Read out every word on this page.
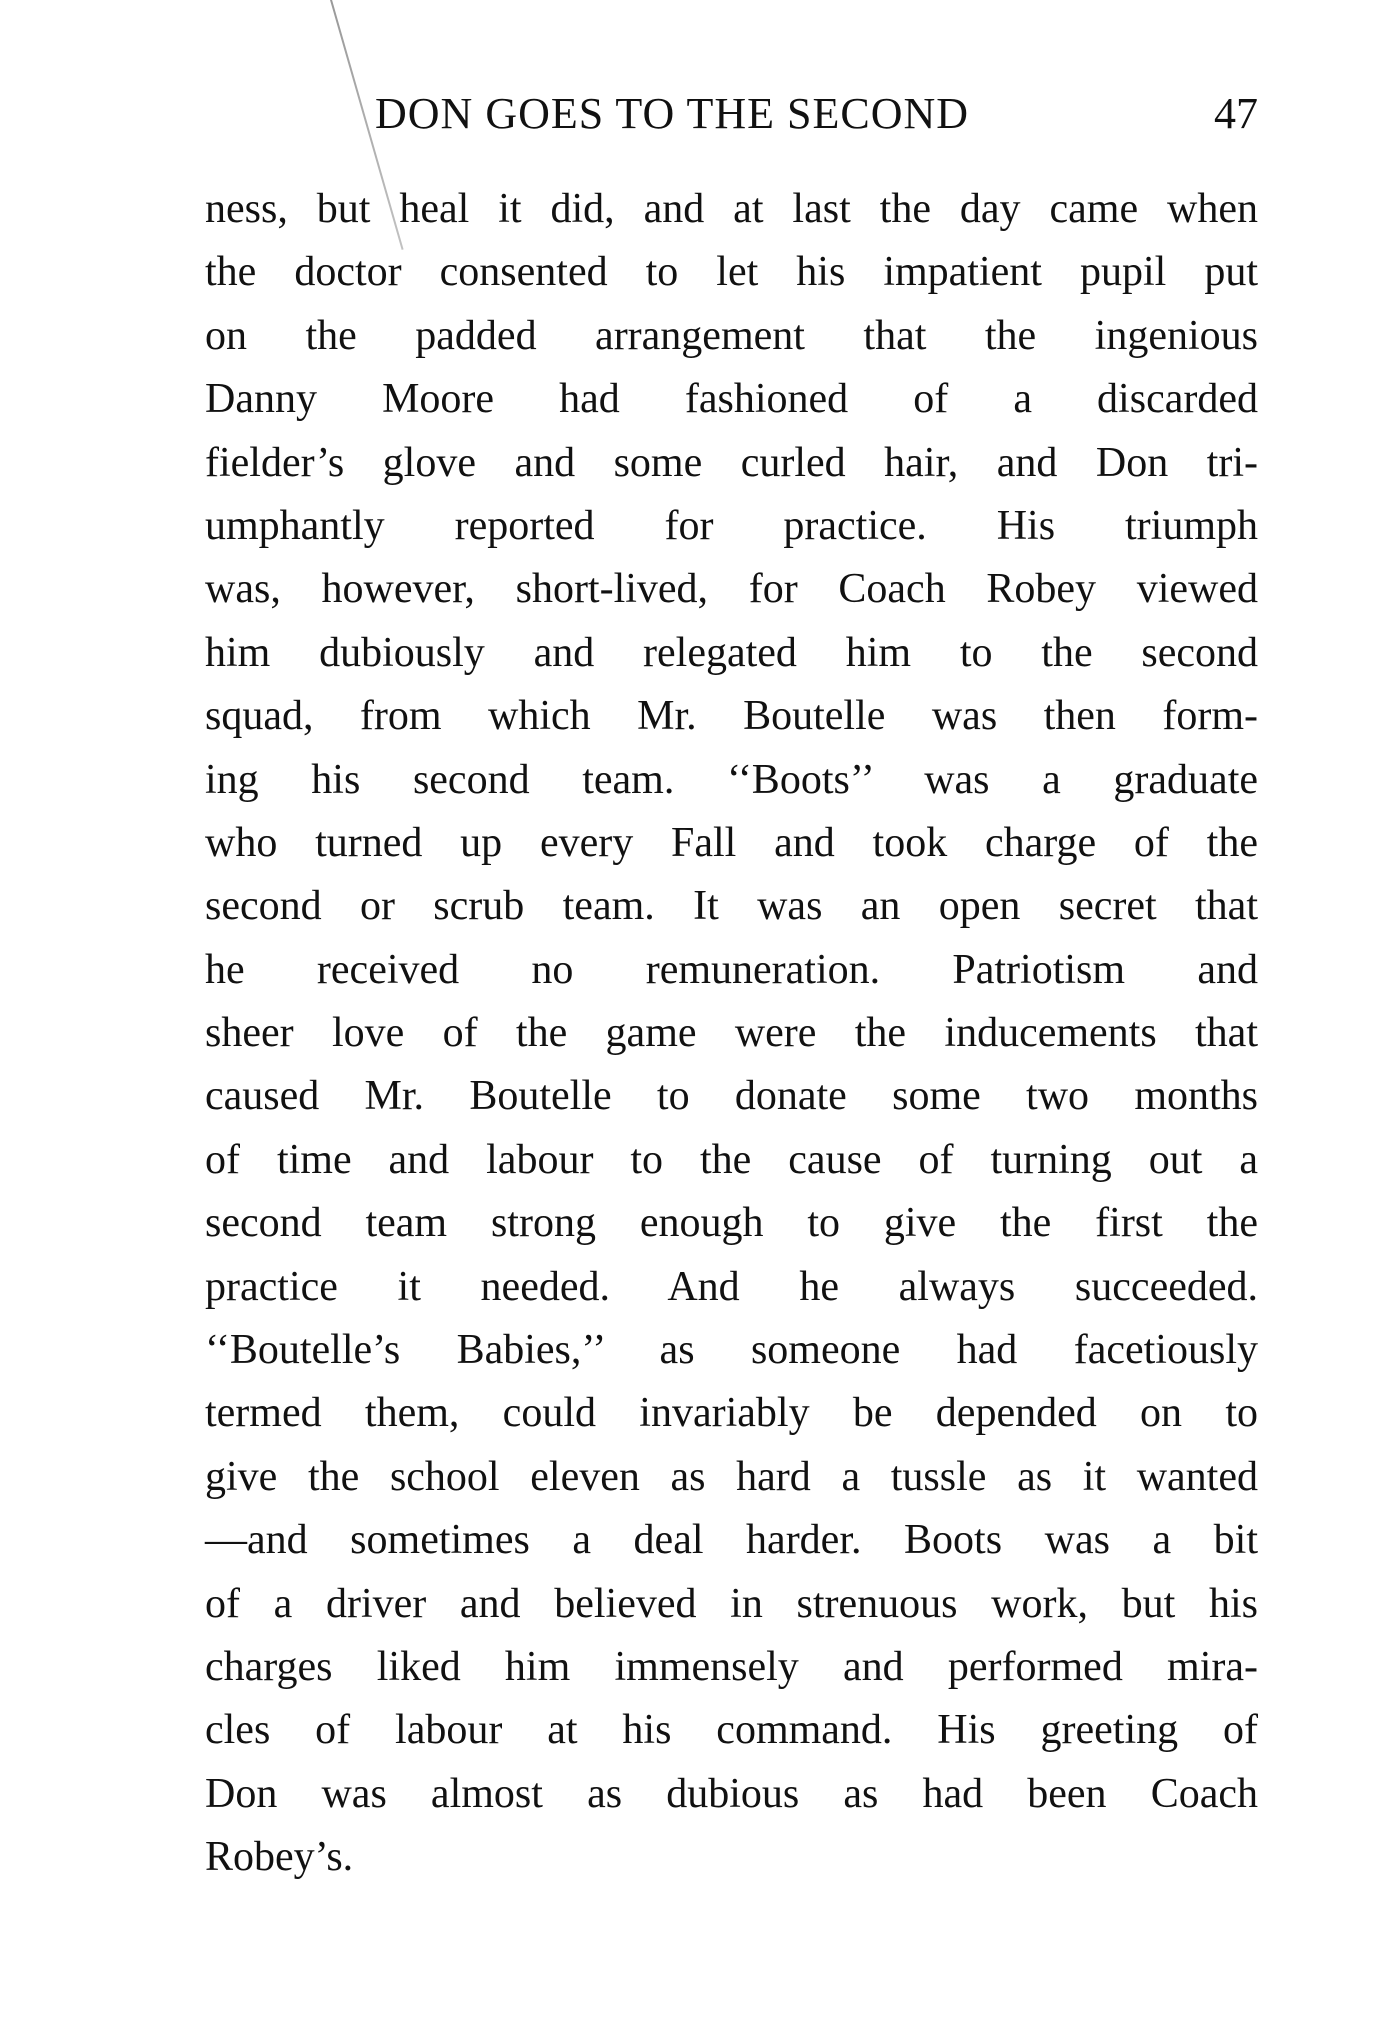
DON GOES TO THE SECOND	47
ness, but heal it did, and at last the day came when
the doctor consented to let his impatient pupil put
on the padded arrangement that the ingenious
Danny Moore had fashioned of a discarded
fielder’s glove and some curled hair, and Don tri-
umphantly reported for practice. His triumph
was, however, short-lived, for Coach Robey viewed
him dubiously and relegated him to the second
squad, from which Mr. Boutelle was then form-
ing his second team. ‘‘Boots’’ was a graduate
who turned up every Fall and took charge of the
second or scrub team. It was an open secret that
he received no remuneration. Patriotism and
sheer love of the game were the inducements that
caused Mr. Boutelle to donate some two months
of time and labour to the cause of turning out a
second team strong enough to give the first the
practice it needed. And he always succeeded.
‘‘Boutelle’s Babies,’’ as someone had facetiously
termed them, could invariably be depended on to
give the school eleven as hard a tussle as it wanted
—and sometimes a deal harder. Boots was a bit
of a driver and believed in strenuous work, but his
charges liked him immensely and performed mira-
cles of labour at his command. His greeting of
Don was almost as dubious as had been Coach
Robey’s.
